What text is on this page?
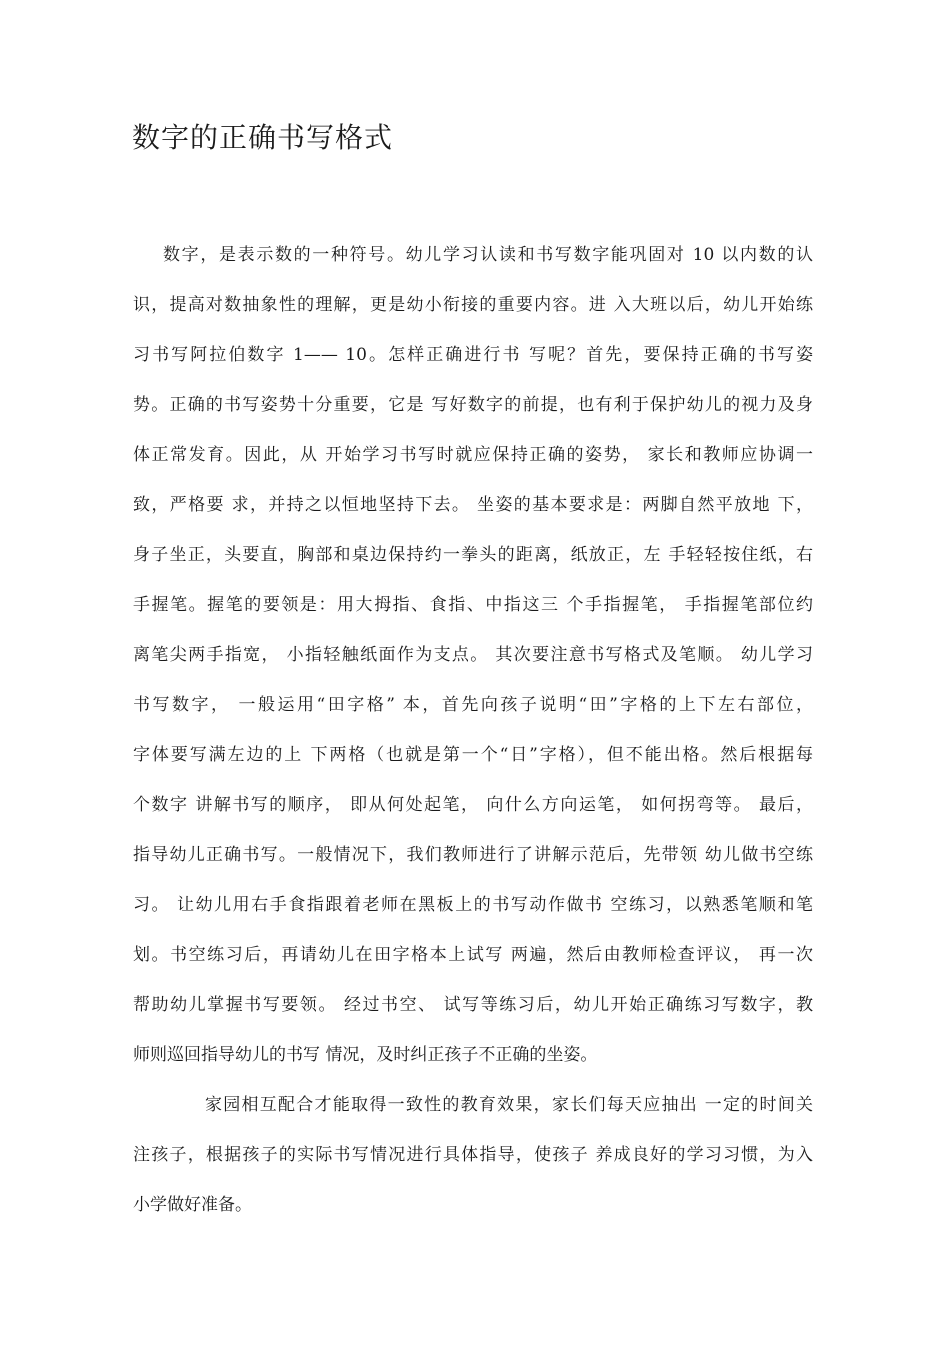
数字的正确书写格式
数字，是表示数的一种符号。幼儿学习认读和书写数字能巩固对 10 以内数的认
识，提高对数抽象性的理解，更是幼小衔接的重要内容。进 入大班以后，幼儿开始练
习书写阿拉伯数字 1—— 10。怎样正确进行书 写呢？首先，要保持正确的书写姿
势。正确的书写姿势十分重要，它是 写好数字的前提，也有利于保护幼儿的视力及身
体正常发育。因此，从 开始学习书写时就应保持正确的姿势， 家长和教师应协调一
致，严格要 求，并持之以恒地坚持下去。 坐姿的基本要求是：两脚自然平放地 下，
身子坐正，头要直，胸部和桌边保持约一拳头的距离，纸放正，左 手轻轻按住纸，右
手握笔。握笔的要领是：用大拇指、食指、中指这三 个手指握笔， 手指握笔部位约
离笔尖两手指宽， 小指轻触纸面作为支点。 其次要注意书写格式及笔顺。 幼儿学习
书写数字， 一般运用“田字格” 本，首先向孩子说明“田”字格的上下左右部位，
字体要写满左边的上 下两格（也就是第一个“日”字格），但不能出格。然后根据每
个数字 讲解书写的顺序， 即从何处起笔， 向什么方向运笔， 如何拐弯等。 最后，
指导幼儿正确书写。一般情况下，我们教师进行了讲解示范后，先带领 幼儿做书空练
习。 让幼儿用右手食指跟着老师在黑板上的书写动作做书 空练习，以熟悉笔顺和笔
划。书空练习后，再请幼儿在田字格本上试写 两遍，然后由教师检查评议， 再一次
帮助幼儿掌握书写要领。 经过书空、 试写等练习后，幼儿开始正确练习写数字，教
师则巡回指导幼儿的书写 情况，及时纠正孩子不正确的坐姿。
家园相互配合才能取得一致性的教育效果，家长们每天应抽出 一定的时间关
注孩子，根据孩子的实际书写情况进行具体指导，使孩子 养成良好的学习习惯，为入
小学做好准备。
